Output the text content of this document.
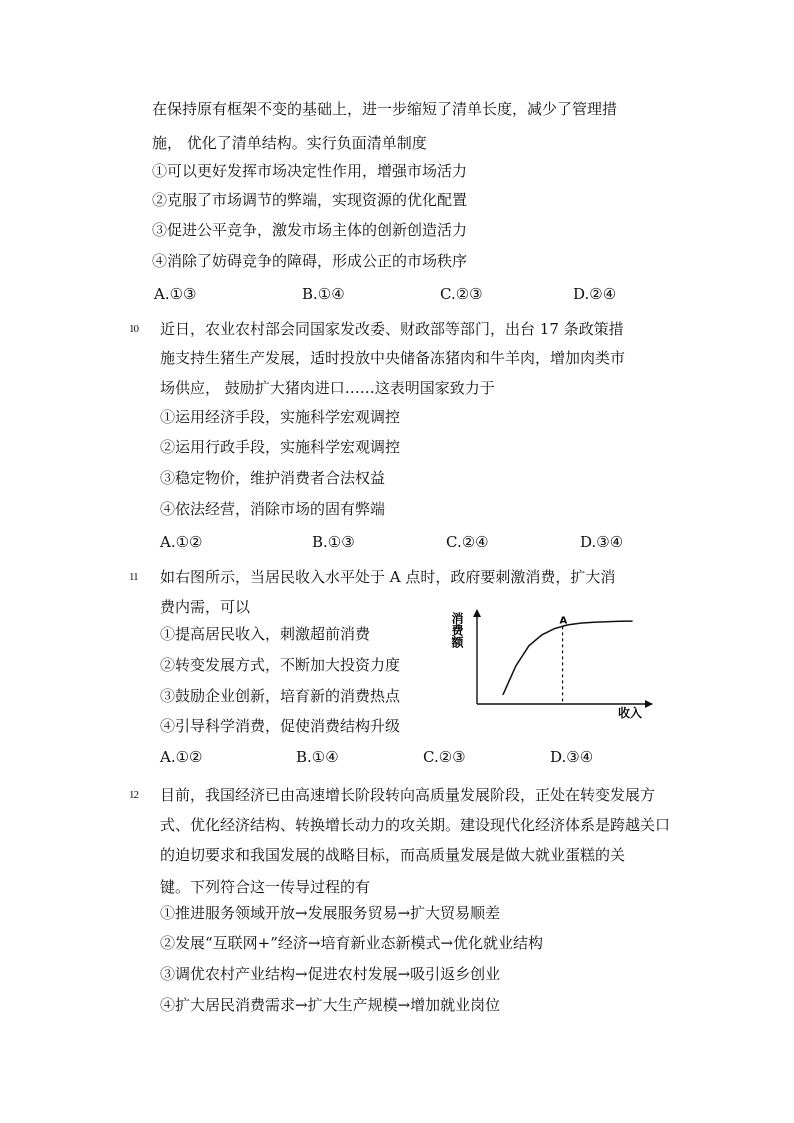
在保持原有框架不变的基础上，进一步缩短了清单长度，减少了管理措
施， 优化了清单结构。实行负面清单制度
①可以更好发挥市场决定性作用，增强市场活力
②克服了市场调节的弊端，实现资源的优化配置
③促进公平竞争，激发市场主体的创新创造活力
④消除了妨碍竞争的障碍，形成公正的市场秩序
A.①③	B.①④	C.②③	D.②④
10 近日，农业农村部会同国家发改委、财政部等部门，出台 17 条政策措
施支持生猪生产发展，适时投放中央储备冻猪肉和牛羊肉，增加肉类市
场供应， 鼓励扩大猪肉进口……这表明国家致力于
①运用经济手段，实施科学宏观调控
②运用行政手段，实施科学宏观调控
③稳定物价，维护消费者合法权益
④依法经营，消除市场的固有弊端
A.①②	B.①③	C.②④	D.③④
11 如右图所示，当居民收入水平处于 A 点时，政府要刺激消费，扩大消
费内需，可以
①提高居民收入，刺激超前消费
②转变发展方式，不断加大投资力度
③鼓励企业创新，培育新的消费热点
④引导科学消费，促使消费结构升级
A.①②	B.①④	C.②③	D.③④
消费额
收入
A
12 目前，我国经济已由高速增长阶段转向高质量发展阶段，正处在转变发展方
式、优化经济结构、转换增长动力的攻关期。建设现代化经济体系是跨越关口
的迫切要求和我国发展的战略目标，而高质量发展是做大就业蛋糕的关
键。下列符合这一传导过程的有
①推进服务领域开放→发展服务贸易→扩大贸易顺差
②发展“互联网+”经济→培育新业态新模式→优化就业结构
③调优农村产业结构→促进农村发展→吸引返乡创业
④扩大居民消费需求→扩大生产规模→增加就业岗位
